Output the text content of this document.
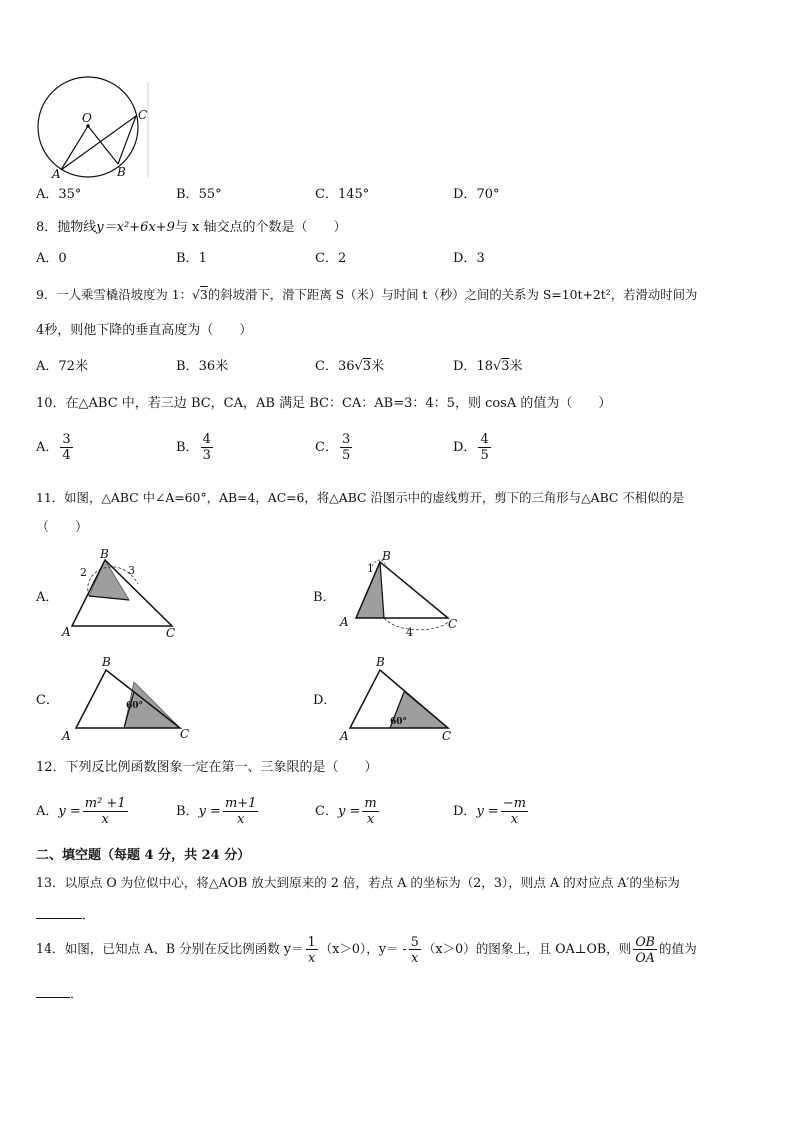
O
A	B
C
A．35°	B．55°	C．145°	D．70°
8．抛物线y＝x²+6x+9与 x 轴交点的个数是（　　）
A．0	B．1	C．2	D．3
9．一人乘雪橇沿坡度为 1：√3的斜坡滑下，滑下距离 S（米）与时间 t（秒）之间的关系为 S=10t+2t²，若滑动时间为
4秒，则他下降的垂直高度为（　　）
A．72米	B．36米	C．36√3米	D．18√3米
10．在△ABC 中，若三边 BC，CA，AB 满足 BC：CA：AB=3：4：5，则 cosA 的值为（　　）
A． $\frac{3}{4}$	B． $\frac{4}{3}$	C． $\frac{3}{5}$	D． $\frac{4}{5}$
11．如图，△ABC 中∠A=60°，AB=4，AC=6，将△ABC 沿图示中的虚线剪开，剪下的三角形与△ABC 不相似的是
（　　）
A．
A
B
C
2	3
B．
A
B
C
1
4
C．
A
B
C
60°	D．
A
B
C
60°
12．下列反比例函数图象一定在第一、三象限的是（　　）
A．$y = \frac{\text{m² +1}}{x}$	B．$y = \frac{m+1}{x}$	C．$y = \frac{m}{x}$	D．$y = \frac{-m}{x}$
二、填空题（每题 4 分，共 24 分）
13．以原点 O 为位似中心，将△AOB 放大到原来的 2 倍，若点 A 的坐标为（2，3），则点 A 的对应点 A′的坐标为
．
14．如图，已知点 A、B 分别在反比例函数 $y= \frac{1}{x} (x>0)$，$y= - \frac{5}{x} (x>0)$的图象上，且 OA⊥OB，则 $\frac{OB}{OA}$ 的值为
．
